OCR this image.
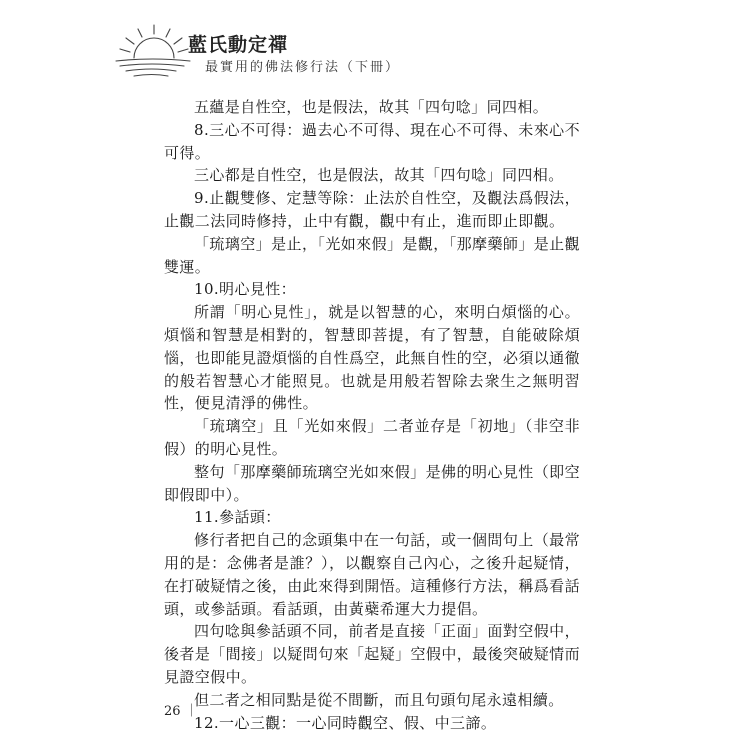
藍氏動定禪
最實用的佛法修行法（下冊）

五蘊是自性空，也是假法，故其「四句唸」同四相。

8.三心不可得：過去心不可得、現在心不可得、未來心不可得。

三心都是自性空，也是假法，故其「四句唸」同四相。

9.止觀雙修、定慧等除：止法於自性空，及觀法爲假法，止觀二法同時修持，止中有觀，觀中有止，進而即止即觀。

「琉璃空」是止，「光如來假」是觀，「那摩藥師」是止觀雙運。

10.明心見性：

所謂「明心見性」，就是以智慧的心，來明白煩惱的心。煩惱和智慧是相對的，智慧即菩提，有了智慧，自能破除煩惱，也即能見證煩惱的自性爲空，此無自性的空，必須以通徹的般若智慧心才能照見。也就是用般若智除去衆生之無明習性，便見清淨的佛性。

「琉璃空」且「光如來假」二者並存是「初地」（非空非假）的明心見性。

整句「那摩藥師琉璃空光如來假」是佛的明心見性（即空即假即中）。

11.參話頭：

修行者把自己的念頭集中在一句話，或一個問句上（最常用的是：念佛者是誰？），以觀察自己內心，之後升起疑情，在打破疑情之後，由此來得到開悟。這種修行方法，稱爲看話頭，或參話頭。看話頭，由黃蘗希運大力提倡。

四句唸與參話頭不同，前者是直接「正面」面對空假中，後者是「間接」以疑問句來「起疑」空假中，最後突破疑情而見證空假中。

但二者之相同點是從不間斷，而且句頭句尾永遠相續。

12.一心三觀：一心同時觀空、假、中三諦。

26 ｜
